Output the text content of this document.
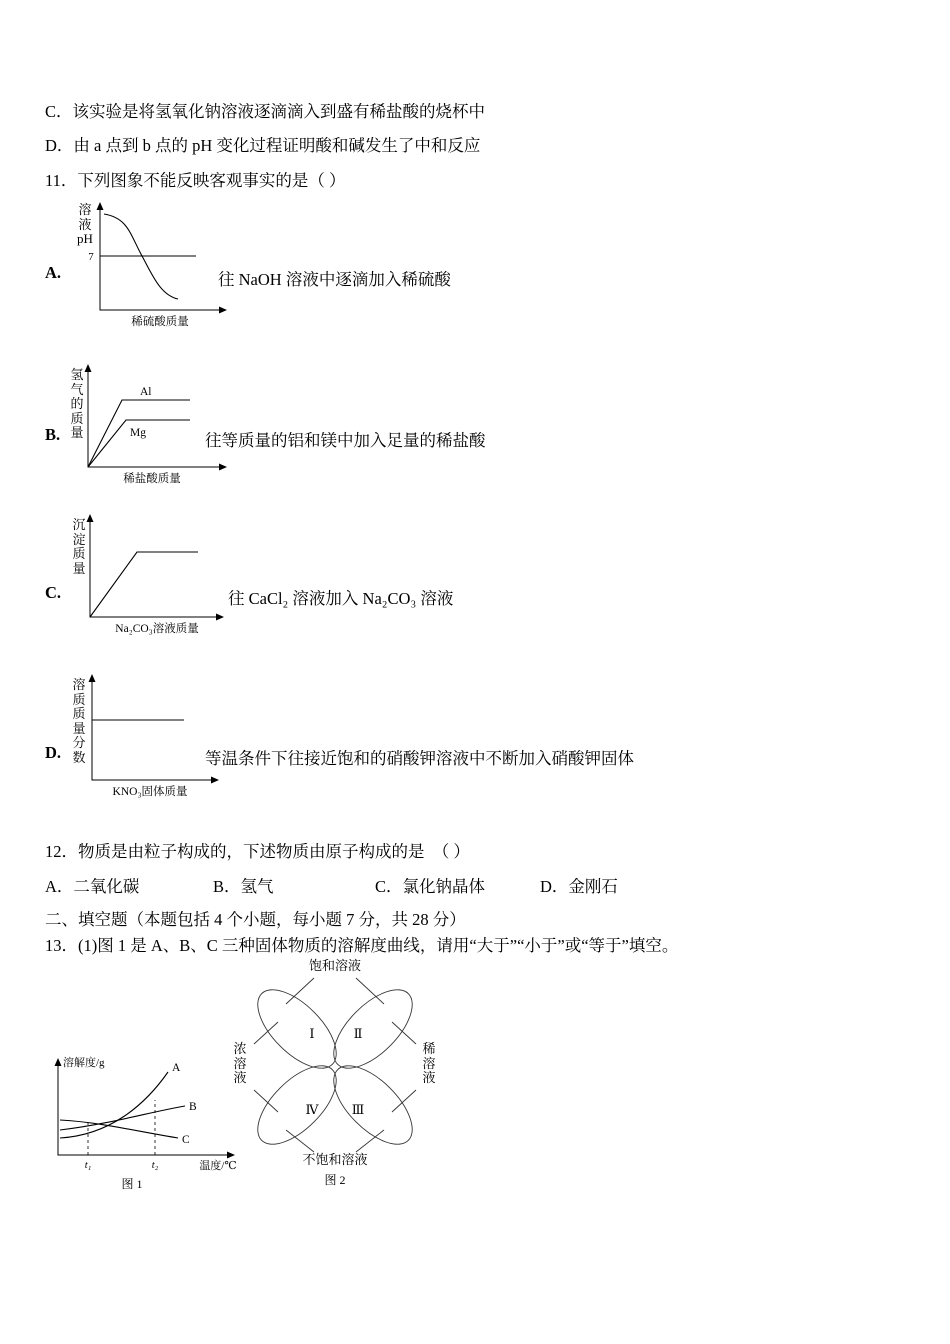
C．该实验是将氢氧化钠溶液逐滴滴入到盛有稀盐酸的烧杯中
D．由 a 点到 b 点的 pH 变化过程证明酸和碱发生了中和反应
11．下列图象不能反映客观事实的是（ ）
7
稀硫酸质量
溶液pH
A.	往 NaOH 溶液中逐滴加入稀硫酸
Al
Mg
稀盐酸质量
氢气的质量
B.	往等质量的铝和镁中加入足量的稀盐酸
Na₂CO₃溶液质量
沉淀质量
C.	往 CaCl₂ 溶液加入 Na₂CO₃ 溶液
KNO₃固体质量
溶质质量分数
D.	等温条件下往接近饱和的硝酸钾溶液中不断加入硝酸钾固体
12．物质是由粒子构成的，下述物质由原子构成的是　（ ）
A．二氧化碳	B．氢气	C．氯化钠晶体	D．金刚石
二、填空题（本题包括 4 个小题，每小题 7 分，共 28 分）
13．(1)图 1 是 A、B、C 三种固体物质的溶解度曲线，请用“大于”“小于”或“等于”填空。
溶解度/g
温度/℃
A
B
C
t₁	t₂
图 1
饱和溶液
不饱和溶液
Ⅰ	Ⅱ
Ⅲ
Ⅳ
图 2
浓溶液
稀溶液
